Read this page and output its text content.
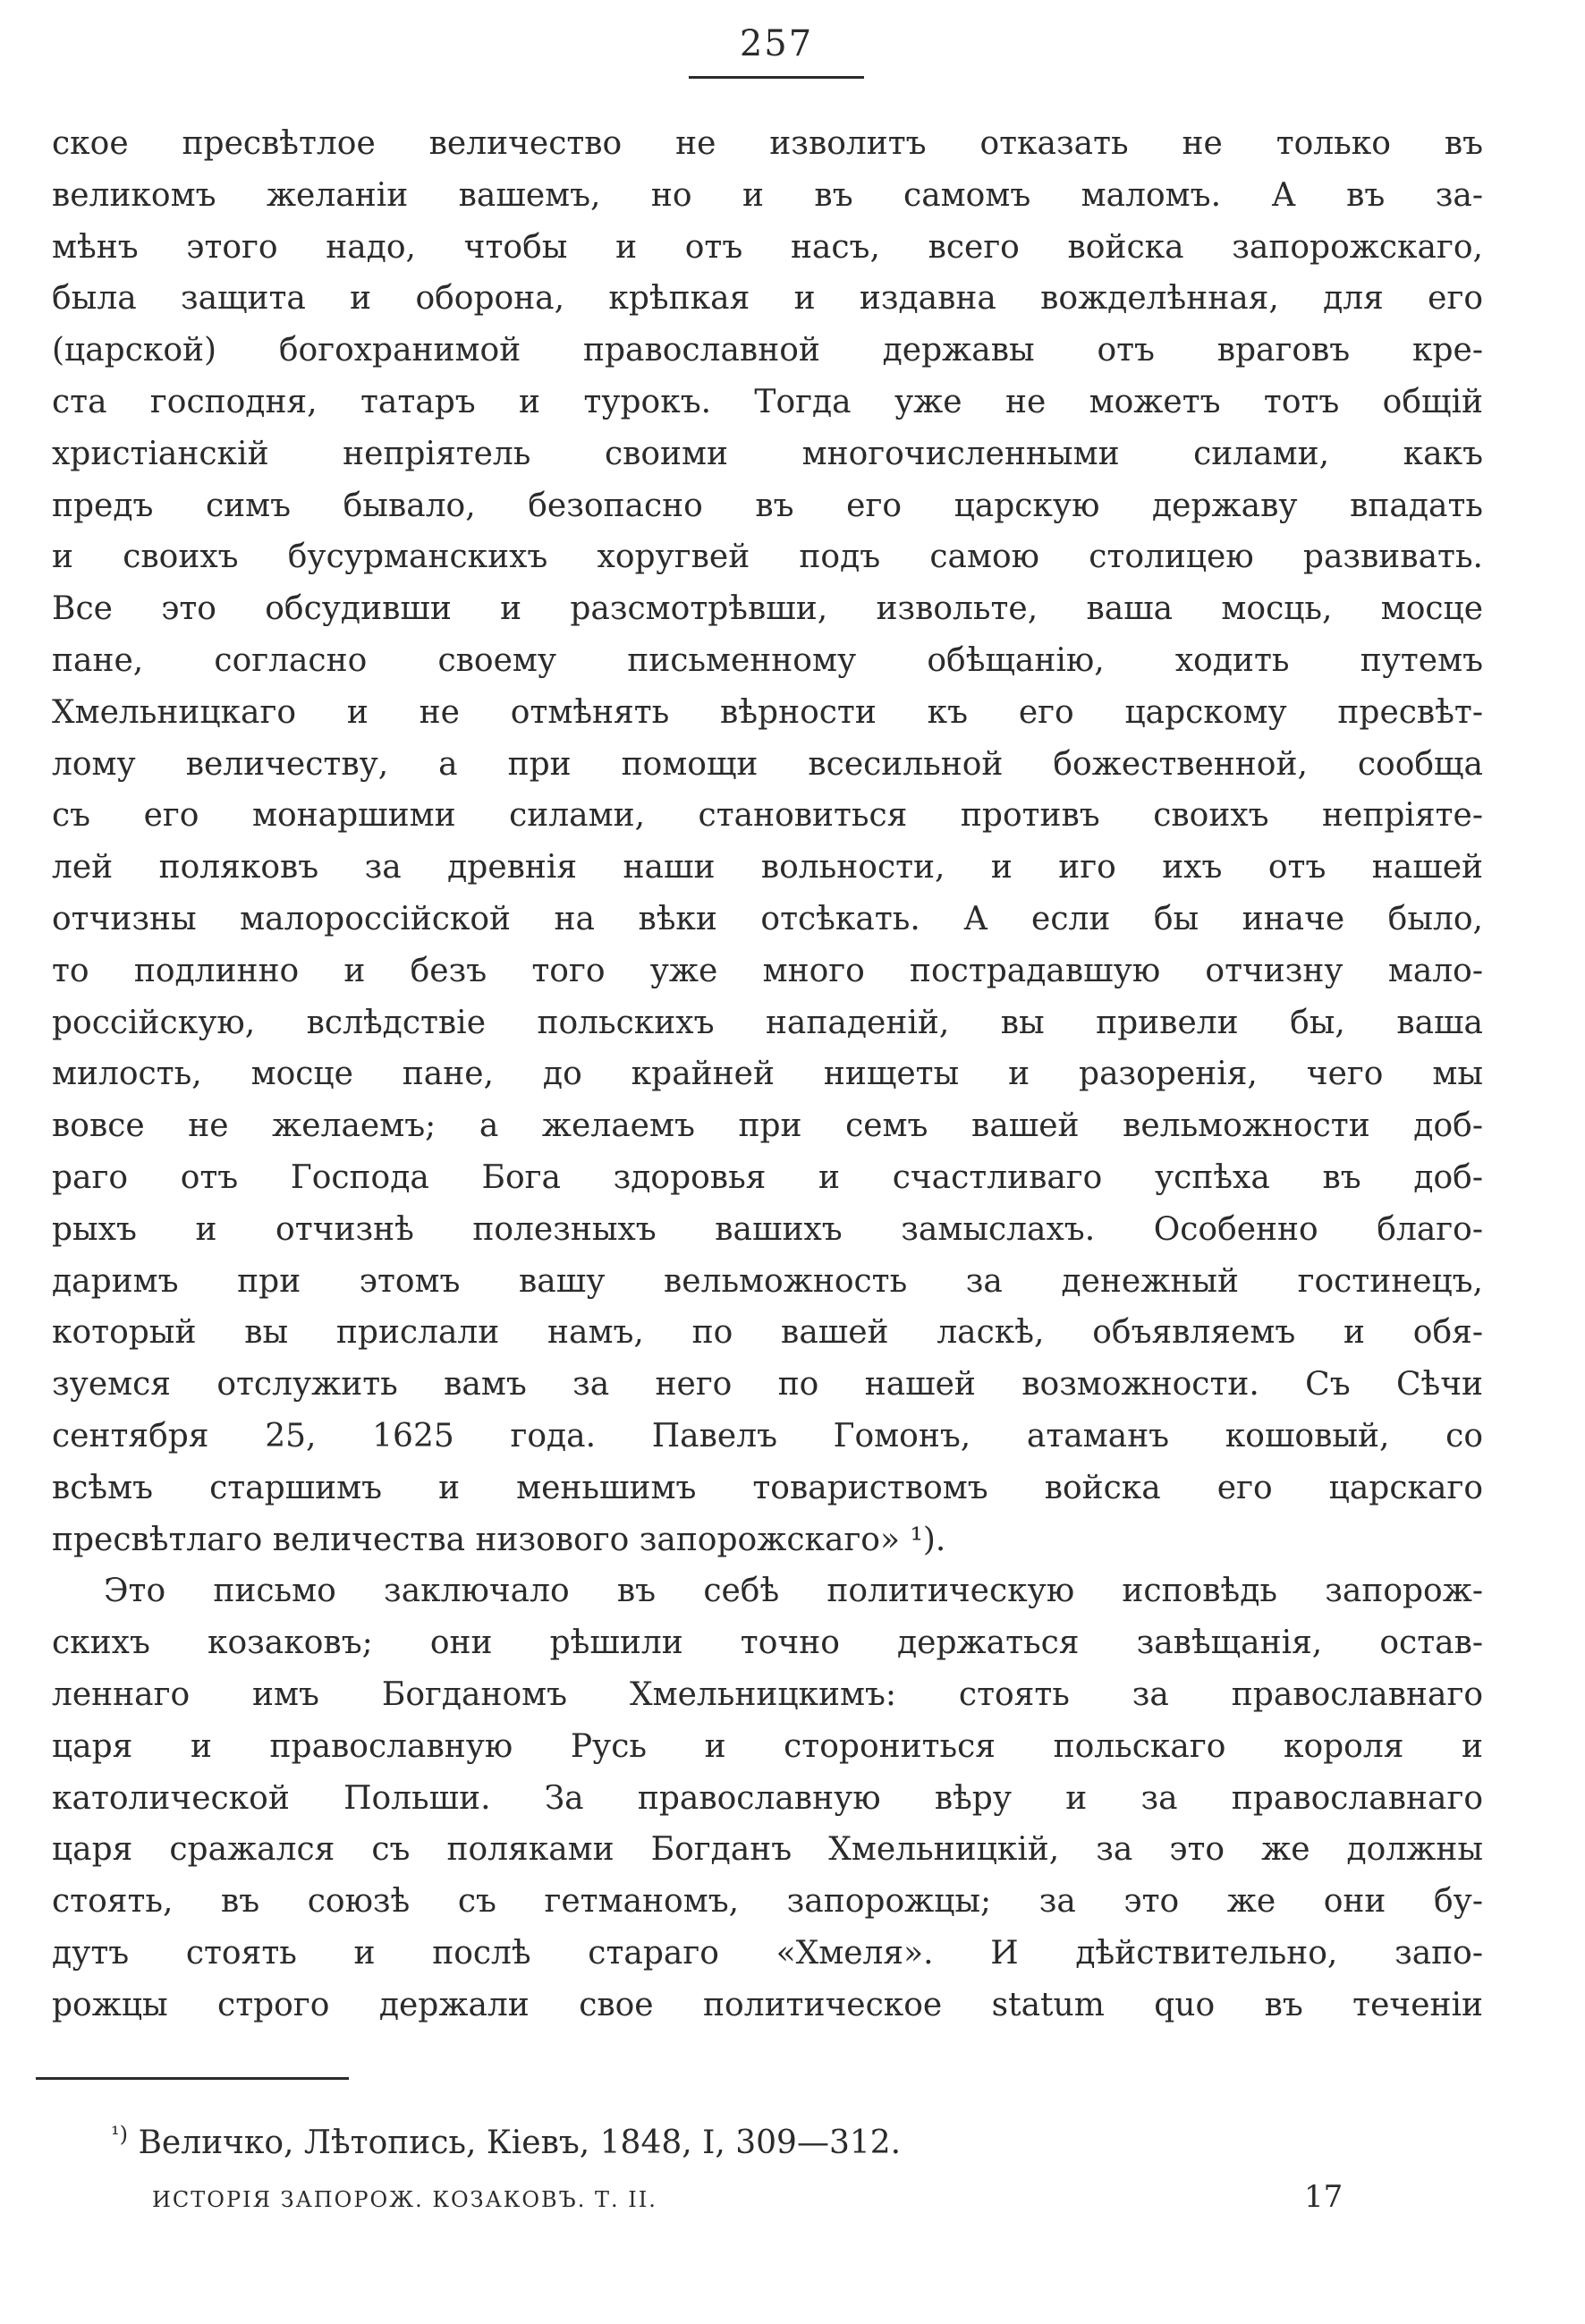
257
ское пресвѣтлое величество не изволитъ отказать не только въ
великомъ желанiи вашемъ, но и въ самомъ маломъ. А въ за-
мѣнъ этого надо, чтобы и отъ насъ, всего войска запорожскаго,
была защита и оборона, крѣпкая и издавна вожделѣнная, для его
(царской) богохранимой православной державы отъ враговъ кре-
ста господня, татаръ и турокъ. Тогда уже не можетъ тотъ общiй
христiанскiй непрiятель своими многочисленными силами, какъ
предъ симъ бывало, безопасно въ его царскую державу впадать
и своихъ бусурманскихъ хоругвей подъ самою столицею развивать.
Все это обсудивши и разсмотрѣвши, извольте, ваша мосць, мосце
пане, согласно своему письменному обѣщанiю, ходить путемъ
Хмельницкаго и не отмѣнять вѣрности къ его царскому пресвѣт-
лому величеству, а при помощи всесильной божественной, сообща
съ его монаршими силами, становиться противъ своихъ непрiяте-
лей поляковъ за древнiя наши вольности, и иго ихъ отъ нашей
отчизны малороссiйской на вѣки отсѣкать. А если бы иначе было,
то подлинно и безъ того уже много пострадавшую отчизну мало-
россiйскую, вслѣдствiе польскихъ нападенiй, вы привели бы, ваша
милость, мосце пане, до крайней нищеты и разоренiя, чего мы
вовсе не желаемъ; а желаемъ при семъ вашей вельможности доб-
раго отъ Господа Бога здоровья и счастливаго успѣха въ доб-
рыхъ и отчизнѣ полезныхъ вашихъ замыслахъ. Особенно благо-
даримъ при этомъ вашу вельможность за денежный гостинецъ,
который вы прислали намъ, по вашей ласкѣ, объявляемъ и обя-
зуемся отслужить вамъ за него по нашей возможности. Съ Сѣчи
сентября 25, 1625 года. Павелъ Гомонъ, атаманъ кошовый, со
всѣмъ старшимъ и меньшимъ товариствомъ войска его царскаго
пресвѣтлаго величества низового запорожскаго» ¹).
Это письмо заключало въ себѣ политическую исповѣдь запорож-
скихъ козаковъ; они рѣшили точно держаться завѣщанiя, остав-
леннаго имъ Богданомъ Хмельницкимъ: стоять за православнаго
царя и православную Русь и сторониться польскаго короля и
католической Польши. За православную вѣру и за православнаго
царя сражался съ поляками Богданъ Хмельницкiй, за это же должны
стоять, въ союзѣ съ гетманомъ, запорожцы; за это же они бу-
дутъ стоять и послѣ стараго «Хмеля». И дѣйствительно, запо-
рожцы строго держали свое политическое statum quo въ теченiи
$^{^1)}$ Величко, Лѣтопись, Кiевъ, 1848, I, 309—312.
ИСТОРIЯ ЗАПОРОЖ. КОЗАКОВЪ. Т. II.	17
